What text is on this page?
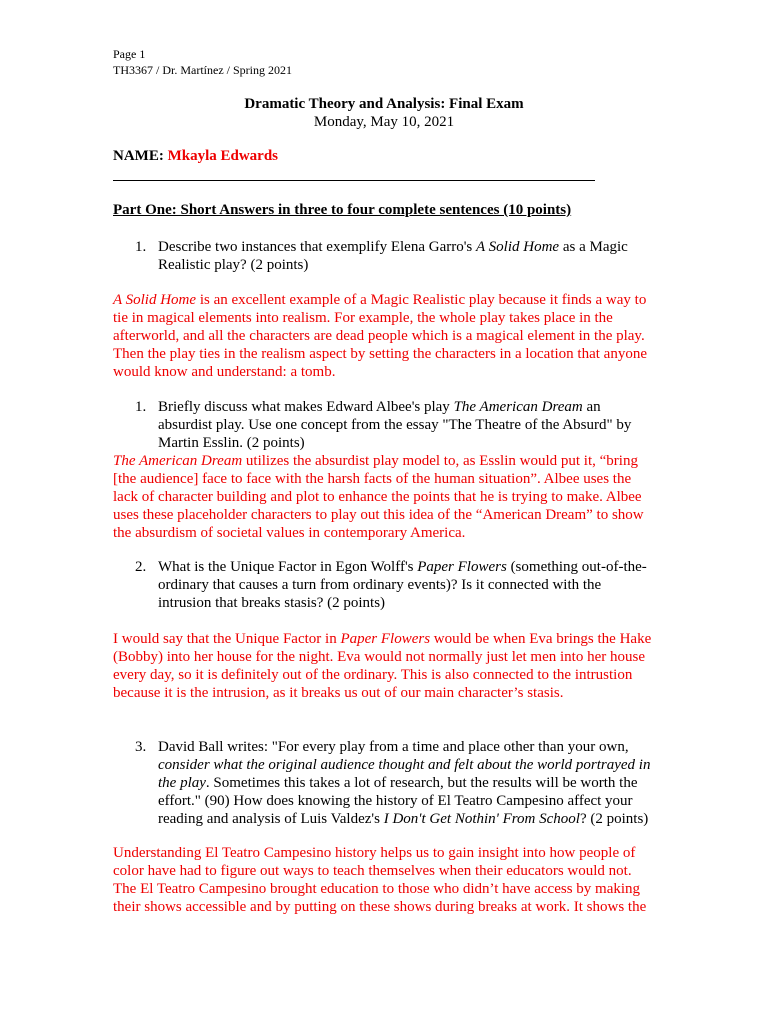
Page 1
TH3367 / Dr. Martínez / Spring 2021
Dramatic Theory and Analysis: Final Exam
Monday, May 10, 2021
NAME: Mkayla Edwards
Part One: Short Answers in three to four complete sentences (10 points)
1. Describe two instances that exemplify Elena Garro's A Solid Home as a Magic Realistic play? (2 points)
A Solid Home is an excellent example of a Magic Realistic play because it finds a way to tie in magical elements into realism. For example, the whole play takes place in the afterworld, and all the characters are dead people which is a magical element in the play. Then the play ties in the realism aspect by setting the characters in a location that anyone would know and understand: a tomb.
1. Briefly discuss what makes Edward Albee's play The American Dream an absurdist play. Use one concept from the essay "The Theatre of the Absurd" by Martin Esslin. (2 points)
The American Dream utilizes the absurdist play model to, as Esslin would put it, “bring [the audience] face to face with the harsh facts of the human situation”. Albee uses the lack of character building and plot to enhance the points that he is trying to make. Albee uses these placeholder characters to play out this idea of the “American Dream” to show the absurdism of societal values in contemporary America.
2. What is the Unique Factor in Egon Wolff's Paper Flowers (something out-of-the-ordinary that causes a turn from ordinary events)? Is it connected with the intrusion that breaks stasis? (2 points)
I would say that the Unique Factor in Paper Flowers would be when Eva brings the Hake (Bobby) into her house for the night. Eva would not normally just let men into her house every day, so it is definitely out of the ordinary. This is also connected to the intrustion because it is the intrusion, as it breaks us out of our main character’s stasis.
3. David Ball writes: "For every play from a time and place other than your own, consider what the original audience thought and felt about the world portrayed in the play. Sometimes this takes a lot of research, but the results will be worth the effort." (90) How does knowing the history of El Teatro Campesino affect your reading and analysis of Luis Valdez's I Don't Get Nothin' From School? (2 points)
Understanding El Teatro Campesino history helps us to gain insight into how people of color have had to figure out ways to teach themselves when their educators would not. The El Teatro Campesino brought education to those who didn’t have access by making their shows accessible and by putting on these shows during breaks at work. It shows the
